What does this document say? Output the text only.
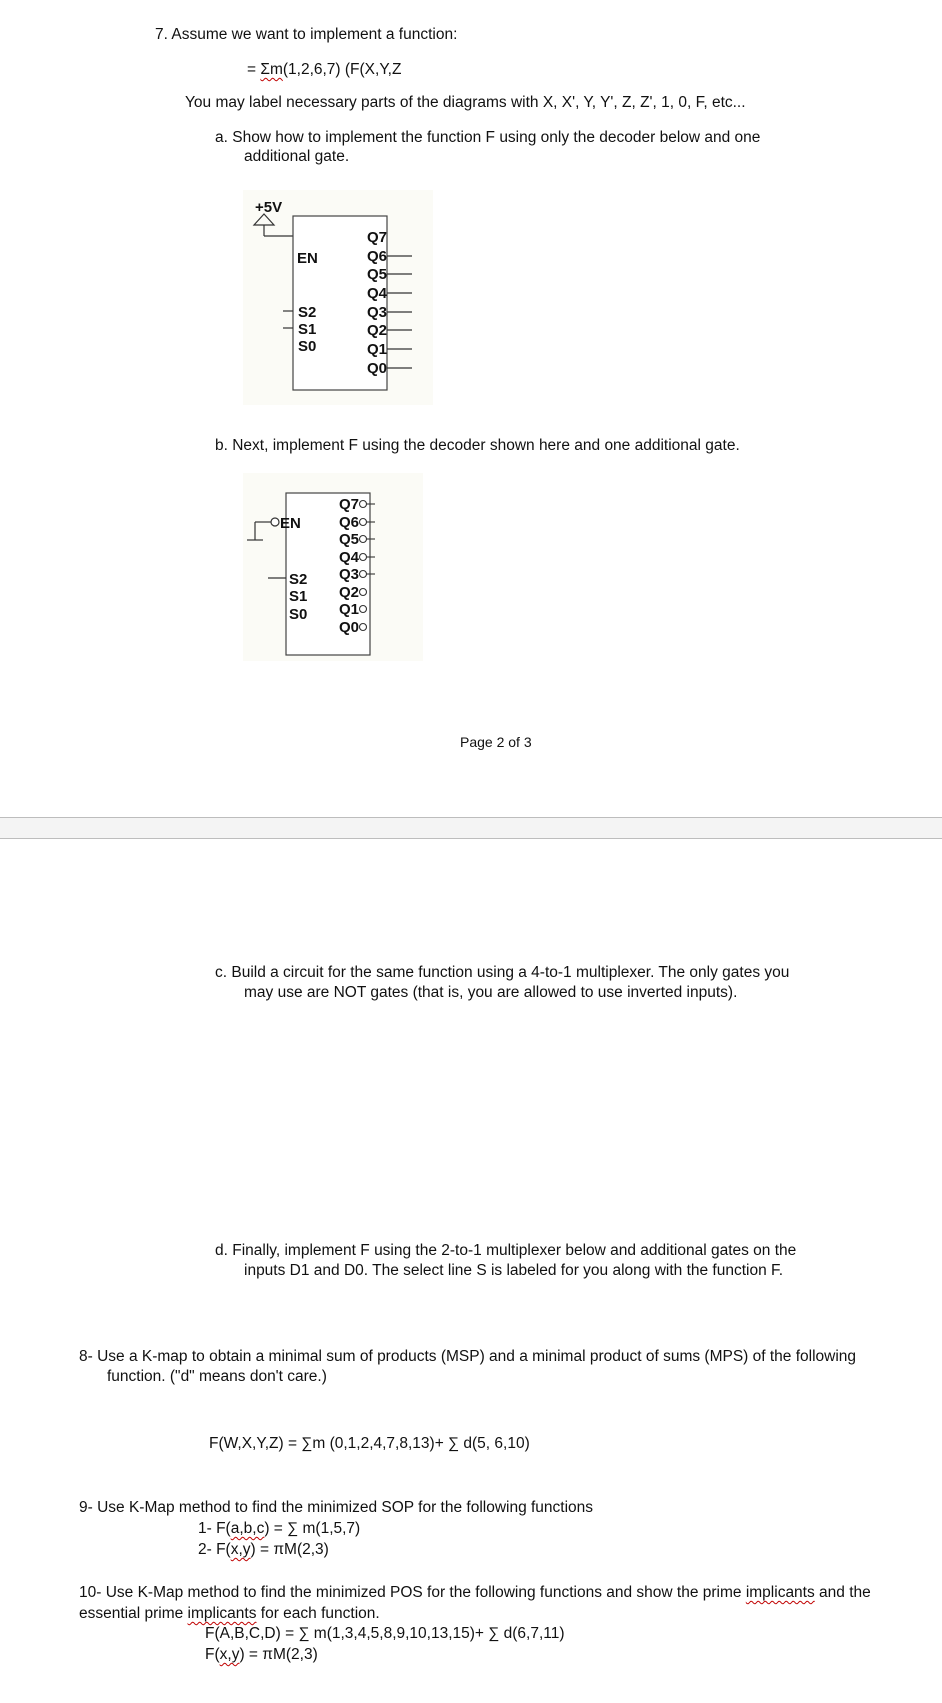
7. Assume we want to implement a function:
= Σm(1,2,6,7) (F(X,Y,Z
You may label necessary parts of the diagrams with X, X', Y, Y', Z, Z', 1, 0, F, etc...
a. Show how to implement the function F using only the decoder below and one
additional gate.
+5V
EN
S2
S1
S0
Q7
Q6
Q5
Q4
Q3
Q2
Q1
Q0
b. Next, implement F using the decoder shown here and one additional gate.
EN
S2
S1
S0
Q7
Q6
Q5
Q4
Q3
Q2
Q1
Q0
Page 2 of 3
c. Build a circuit for the same function using a 4-to-1 multiplexer. The only gates you
may use are NOT gates (that is, you are allowed to use inverted inputs).
d. Finally, implement F using the 2-to-1 multiplexer below and additional gates on the
inputs D1 and D0. The select line S is labeled for you along with the function F.
8- Use a K-map to obtain a minimal sum of products (MSP) and a minimal product of sums (MPS) of the following
function. ("d" means don't care.)
F(W,X,Y,Z) = ∑m (0,1,2,4,7,8,13)+ ∑ d(5, 6,10)
9- Use K-Map method to find the minimized SOP for the following functions
1- F(a,b,c) = ∑ m(1,5,7)
2- F(x,y) = πM(2,3)
10- Use K-Map method to find the minimized POS for the following functions and show the prime implicants and the
essential prime implicants for each function.
F(A,B,C,D) = ∑ m(1,3,4,5,8,9,10,13,15)+ ∑ d(6,7,11)
F(x,y) = πM(2,3)
